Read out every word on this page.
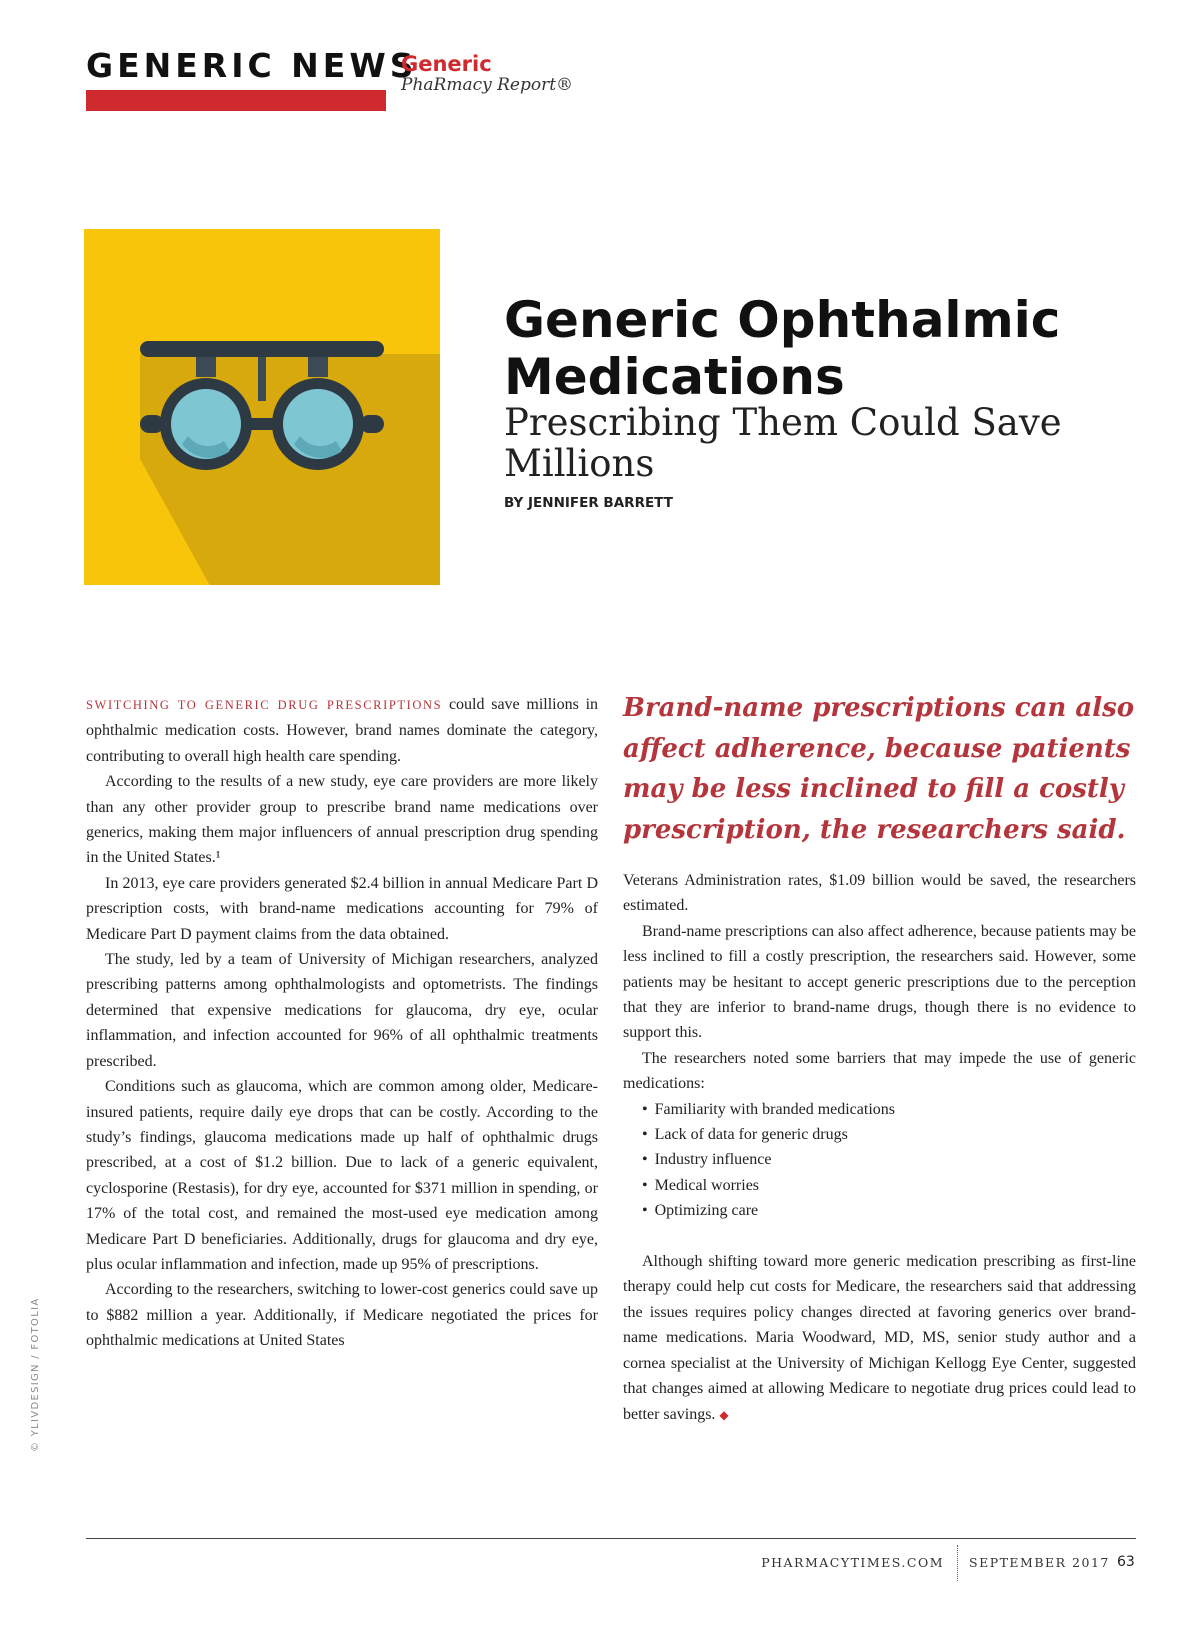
GENERIC NEWS
Generic
PhaRmacy Report®
Generic Ophthalmic Medications
Prescribing Them Could Save Millions
BY JENNIFER BARRETT

SWITCHING TO GENERIC DRUG PRESCRIPTIONS could save millions in ophthalmic medication costs. However, brand names dominate the category, contributing to overall high health care spending.

According to the results of a new study, eye care providers are more likely than any other provider group to prescribe brand name medications over generics, making them major influencers of annual prescription drug spending in the United States.¹

In 2013, eye care providers generated $2.4 billion in annual Medicare Part D prescription costs, with brand-name medications accounting for 79% of Medicare Part D payment claims from the data obtained.

The study, led by a team of University of Michigan researchers, analyzed prescribing patterns among ophthalmologists and optometrists. The findings determined that expensive medications for glaucoma, dry eye, ocular inflammation, and infection accounted for 96% of all ophthalmic treatments prescribed.

Conditions such as glaucoma, which are common among older, Medicare-insured patients, require daily eye drops that can be costly. According to the study’s findings, glaucoma medications made up half of ophthalmic drugs prescribed, at a cost of $1.2 billion. Due to lack of a generic equivalent, cyclosporine (Restasis), for dry eye, accounted for $371 million in spending, or 17% of the total cost, and remained the most-used eye medication among Medicare Part D beneficiaries. Additionally, drugs for glaucoma and dry eye, plus ocular inflammation and infection, made up 95% of prescriptions.

According to the researchers, switching to lower-cost generics could save up to $882 million a year. Additionally, if Medicare negotiated the prices for ophthalmic medications at United States

Brand-name prescriptions can also affect adherence, because patients may be less inclined to fill a costly prescription, the researchers said.

Veterans Administration rates, $1.09 billion would be saved, the researchers estimated.

Brand-name prescriptions can also affect adherence, because patients may be less inclined to fill a costly prescription, the researchers said. However, some patients may be hesitant to accept generic prescriptions due to the perception that they are inferior to brand-name drugs, though there is no evidence to support this.

The researchers noted some barriers that may impede the use of generic medications:

• Familiarity with branded medications
• Lack of data for generic drugs
• Industry influence
• Medical worries
• Optimizing care

Although shifting toward more generic medication prescribing as first-line therapy could help cut costs for Medicare, the researchers said that addressing the issues requires policy changes directed at favoring generics over brand-name medications. Maria Woodward, MD, MS, senior study author and a cornea specialist at the University of Michigan Kellogg Eye Center, suggested that changes aimed at allowing Medicare to negotiate drug prices could lead to better savings. ◆

© YLIVDESIGN / FOTOLIA
PHARMACYTIMES.COM SEPTEMBER 2017 63
